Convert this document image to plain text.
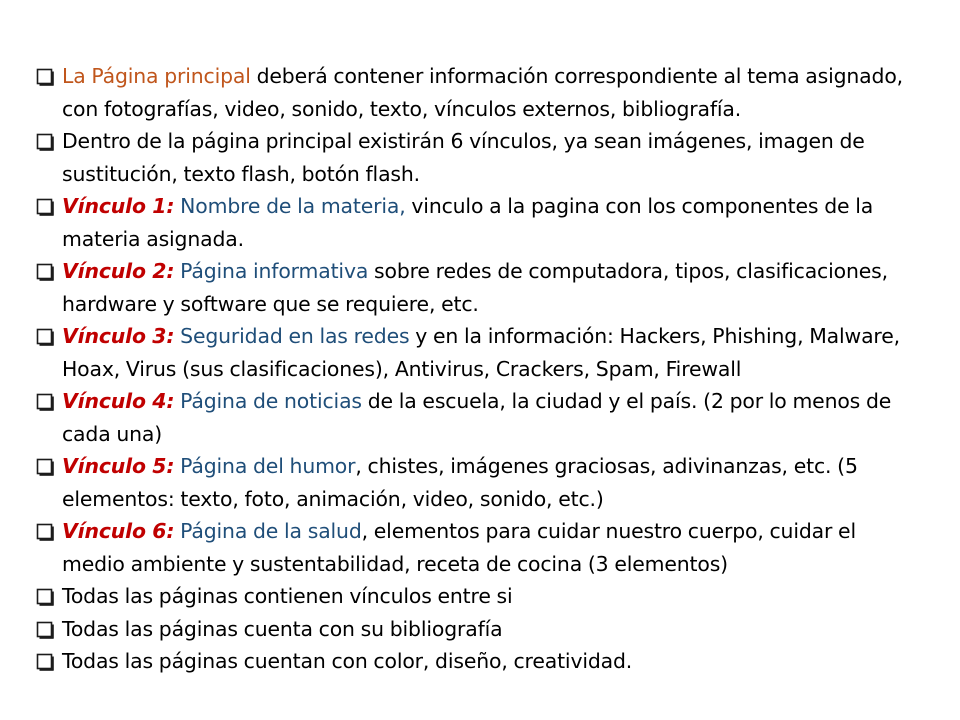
La Página principal deberá contener información correspondiente al tema asignado, con fotografías, video, sonido, texto, vínculos externos, bibliografía.
Dentro de la página principal existirán 6 vínculos, ya sean imágenes, imagen de sustitución, texto flash, botón flash.
Vínculo 1: Nombre de la materia, vinculo a la pagina con los componentes de la materia asignada.
Vínculo 2: Página informativa sobre redes de computadora, tipos, clasificaciones, hardware y software que se requiere, etc.
Vínculo 3: Seguridad en las redes y en la información: Hackers, Phishing, Malware, Hoax, Virus (sus clasificaciones), Antivirus, Crackers, Spam, Firewall
Vínculo 4: Página de noticias de la escuela, la ciudad y el país. (2 por lo menos de cada una)
Vínculo 5: Página del humor, chistes, imágenes graciosas, adivinanzas, etc. (5 elementos: texto, foto, animación, video, sonido, etc.)
Vínculo 6: Página de la salud, elementos para cuidar nuestro cuerpo, cuidar el medio ambiente y sustentabilidad, receta de cocina (3 elementos)
Todas las páginas contienen vínculos entre si
Todas las páginas cuenta con su bibliografía
Todas las páginas cuentan con color, diseño, creatividad.
